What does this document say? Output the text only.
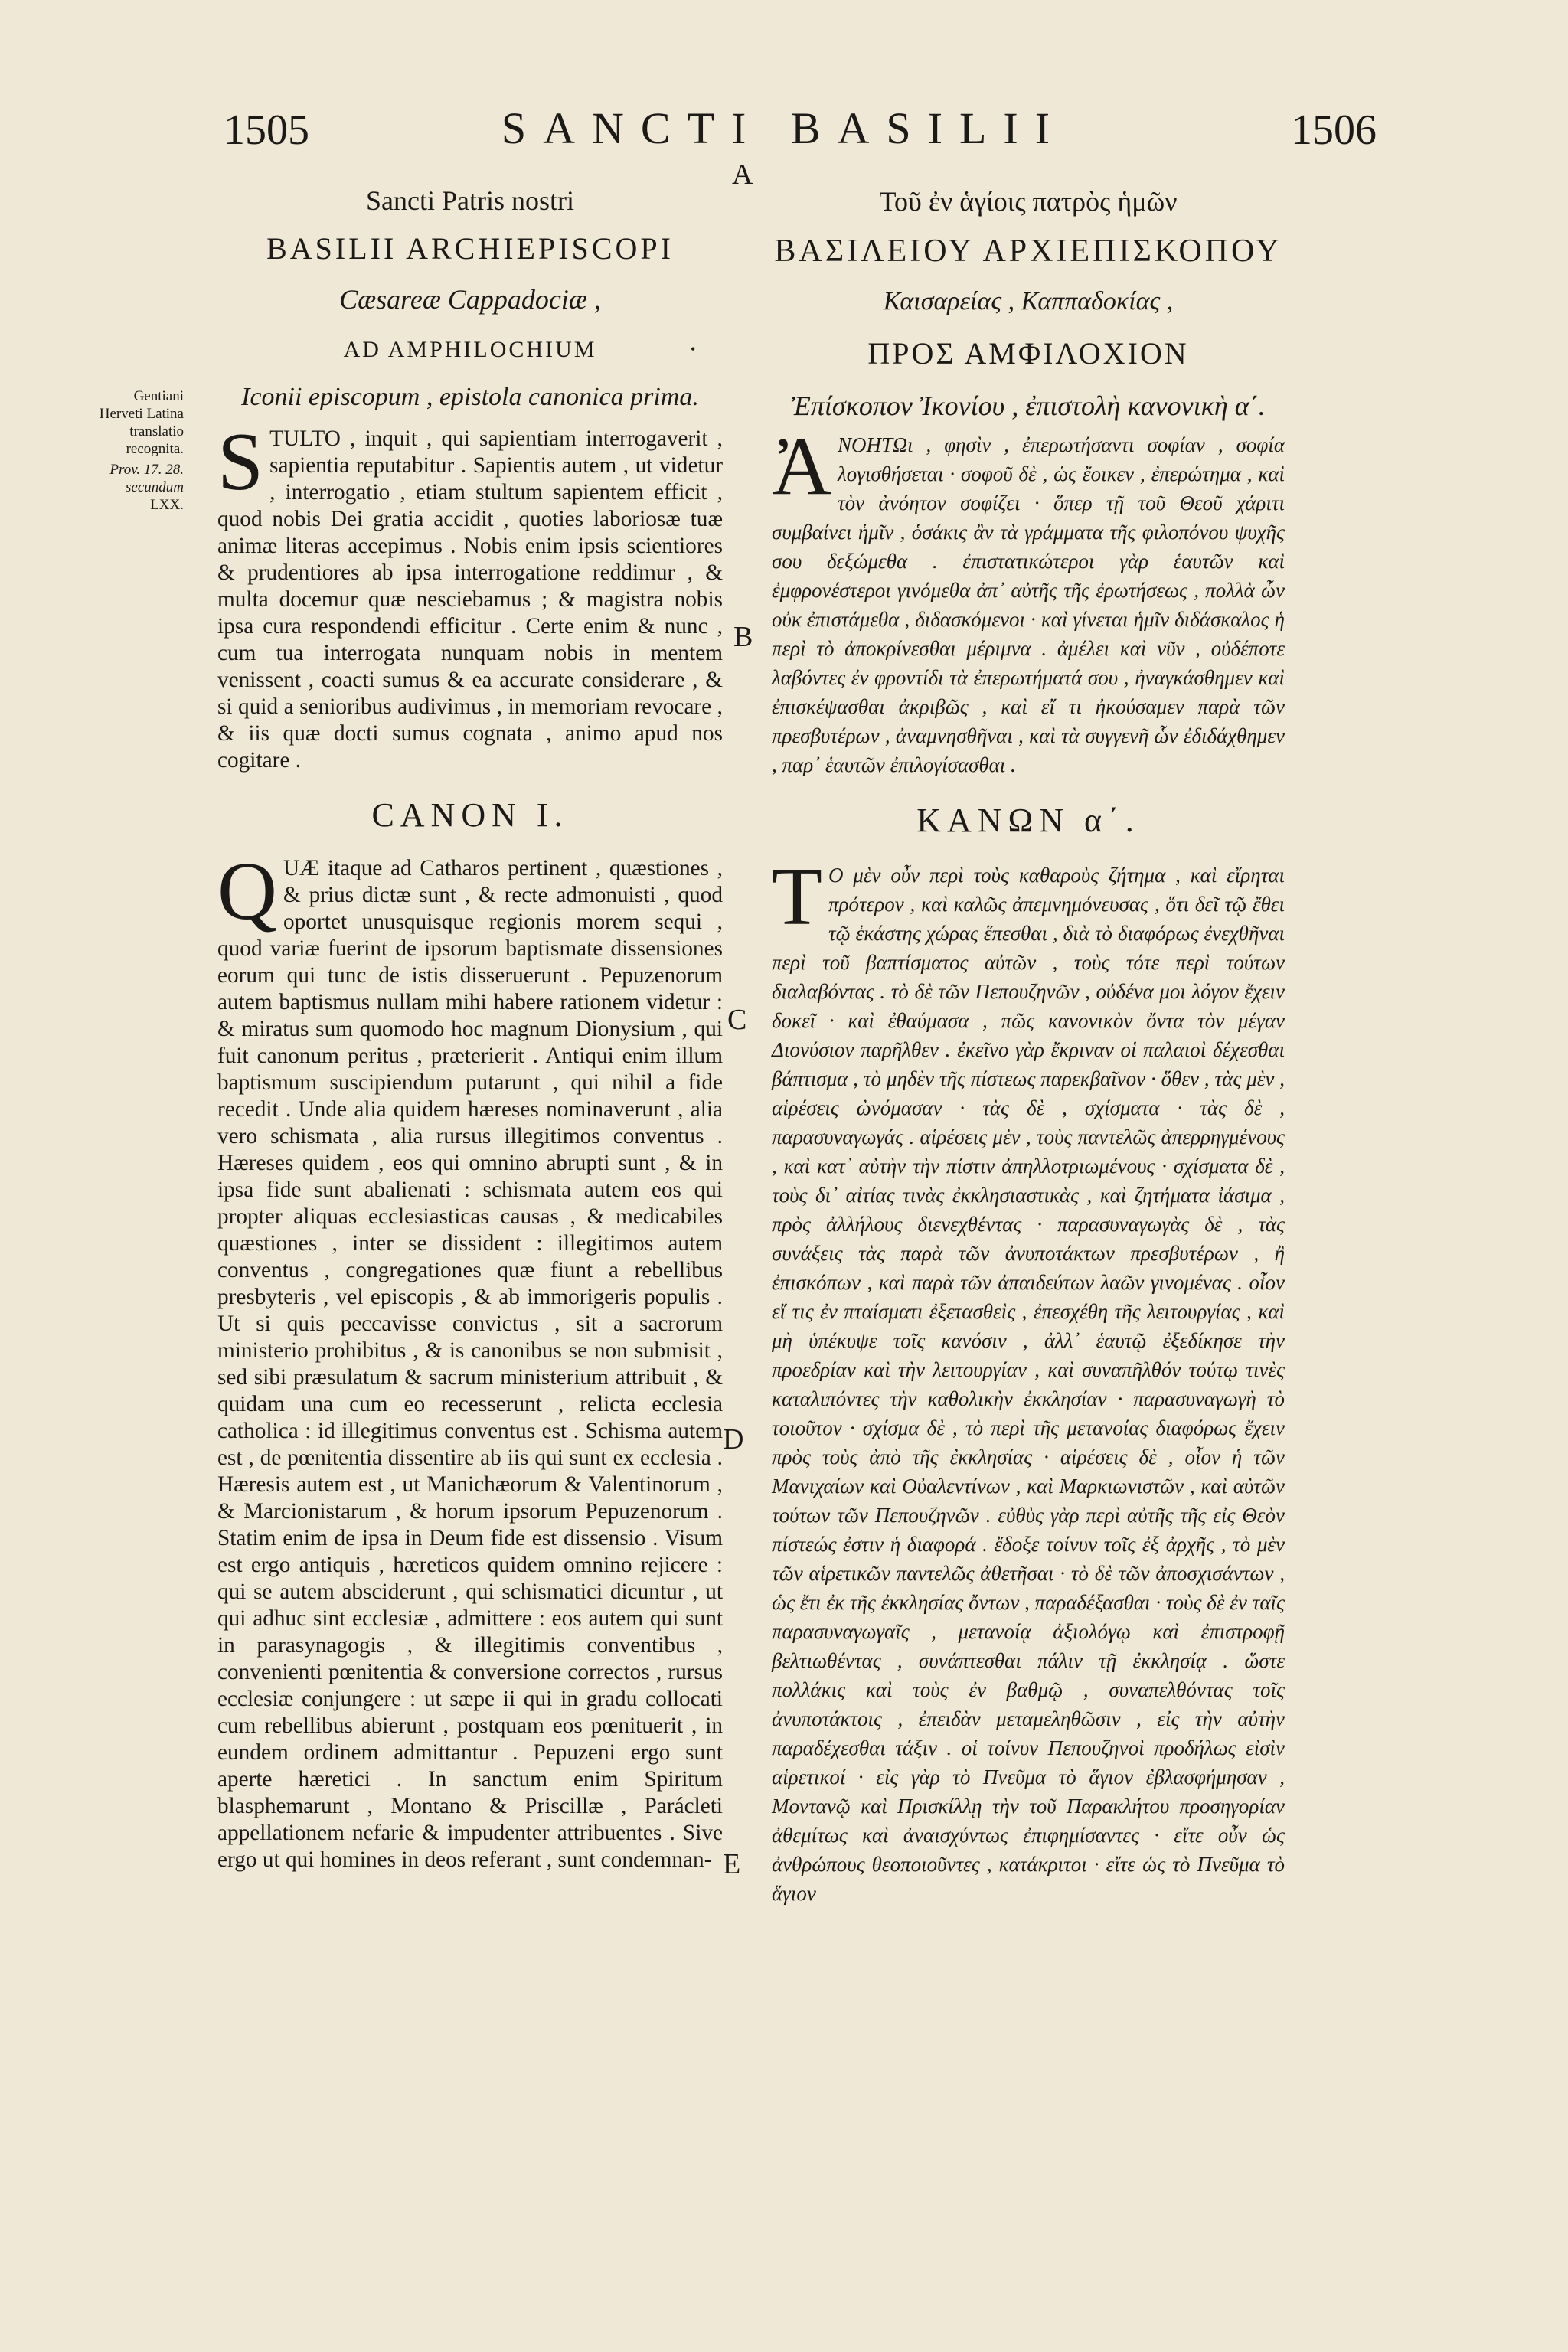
1505	SANCTI BASILII	1506
A
B
C
D
E
Gentiani Herveti Latina translatio recognita.
Prov. 17. 28. secundum
LXX.
•
Sancti Patris nostri
BASILII ARCHIEPISCOPI
Cæsareæ Cappadociæ ,
AD AMPHILOCHIUM
Iconii episcopum , epistola canonica prima.
STULTO , inquit , qui sapientiam interrogaverit , sapientia reputabitur . Sapientis autem , ut videtur , interrogatio , etiam stultum sapientem efficit , quod nobis Dei gratia accidit , quoties laboriosæ tuæ animæ literas accepimus . Nobis enim ipsis scientiores & prudentiores ab ipsa interrogatione reddimur , & multa docemur quæ nesciebamus ; & magistra nobis ipsa cura respondendi efficitur . Certe enim & nunc , cum tua interrogata nunquam nobis in mentem venissent , coacti sumus & ea accurate considerare , & si quid a senioribus audivimus , in memoriam revocare , & iis quæ docti sumus cognata , animo apud nos cogitare .
CANON I.
QUÆ itaque ad Catharos pertinent , quæstiones , & prius dictæ sunt , & recte admonuisti , quod oportet unusquisque regionis morem sequi , quod variæ fuerint de ipsorum baptismate dissensiones eorum qui tunc de istis disseruerunt . Pepuzenorum autem baptismus nullam mihi habere rationem videtur : & miratus sum quomodo hoc magnum Dionysium , qui fuit canonum peritus , præterierit . Antiqui enim illum baptismum suscipiendum putarunt , qui nihil a fide recedit . Unde alia quidem hæreses nominaverunt , alia vero schismata , alia rursus illegitimos conventus . Hæreses quidem , eos qui omnino abrupti sunt , & in ipsa fide sunt abalienati : schismata autem eos qui propter aliquas ecclesiasticas causas , & medicabiles quæstiones , inter se dissident : illegitimos autem conventus , congregationes quæ fiunt a rebellibus presbyteris , vel episcopis , & ab immorigeris populis . Ut si quis peccavisse convictus , sit a sacrorum ministerio prohibitus , & is canonibus se non submisit , sed sibi præsulatum & sacrum ministerium attribuit , & quidam una cum eo recesserunt , relicta ecclesia catholica : id illegitimus conventus est . Schisma autem est , de pœnitentia dissentire ab iis qui sunt ex ecclesia . Hæresis autem est , ut Manichæorum & Valentinorum , & Marcionistarum , & horum ipsorum Pepuzenorum . Statim enim de ipsa in Deum fide est dissensio . Visum est ergo antiquis , hæreticos quidem omnino rejicere : qui se autem absciderunt , qui schismatici dicuntur , ut qui adhuc sint ecclesiæ , admittere : eos autem qui sunt in parasynagogis , & illegitimis conventibus , convenienti pœnitentia & conversione correctos , rursus ecclesiæ conjungere : ut sæpe ii qui in gradu collocati cum rebellibus abierunt , postquam eos pœnituerit , in eundem ordinem admittantur . Pepuzeni ergo sunt aperte hæretici . In sanctum enim Spiritum blasphemarunt , Montano & Priscillæ , Parácleti appellationem nefarie & impudenter attribuentes . Sive ergo ut qui homines in deos referant , sunt condemnan-
Τοῦ ἐν ἁγίοις πατρὸς ἡμῶν
ΒΑΣΙΛΕΙΟΥ ΑΡΧΙΕΠΙΣΚΟΠΟΥ
Καισαρείας , Καππαδοκίας ,
ΠΡΟΣ ΑΜΦΙΛΟΧΙΟΝ
Ἐπίσκοπον Ἰκονίου , ἐπιστολὴ κανονικὴ α΄.
Ἀ ΝΟΗΤΩι , φησὶν , ἐπερωτήσαντι σοφίαν , σοφία λογισθήσεται · σοφοῦ δὲ , ὡς ἔοικεν , ἐπερώτημα , καὶ τὸν ἀνόητον σοφίζει · ὅπερ τῇ τοῦ Θεοῦ χάριτι συμβαίνει ἡμῖν , ὁσάκις ἂν τὰ γράμματα τῆς φιλοπόνου ψυχῆς σου δεξώμεθα . ἐπιστατικώτεροι γὰρ ἑαυτῶν καὶ ἐμφρονέστεροι γινόμεθα ἀπ᾽ αὐτῆς τῆς ἐρωτήσεως , πολλὰ ὧν οὐκ ἐπιστάμεθα , διδασκόμενοι · καὶ γίνεται ἡμῖν διδάσκαλος ἡ περὶ τὸ ἀποκρίνεσθαι μέριμνα . ἀμέλει καὶ νῦν , οὐδέποτε λαβόντες ἐν φροντίδι τὰ ἐπερωτήματά σου , ἠναγκάσθημεν καὶ ἐπισκέψασθαι ἀκριβῶς , καὶ εἴ τι ἠκούσαμεν παρὰ τῶν πρεσβυτέρων , ἀναμνησθῆναι , καὶ τὰ συγγενῆ ὧν ἐδιδάχθημεν , παρ᾽ ἑαυτῶν ἐπιλογίσασθαι .
ΚΑΝΩΝ α΄.
Τ Ο μὲν οὖν περὶ τοὺς καθαροὺς ζήτημα , καὶ εἴρηται πρότερον , καὶ καλῶς ἀπεμνημόνευσας , ὅτι δεῖ τῷ ἔθει τῷ ἑκάστης χώρας ἕπεσθαι , διὰ τὸ διαφόρως ἐνεχθῆναι περὶ τοῦ βαπτίσματος αὐτῶν , τοὺς τότε περὶ τούτων διαλαβόντας . τὸ δὲ τῶν Πεπουζηνῶν , οὐδένα μοι λόγον ἔχειν δοκεῖ · καὶ ἐθαύμασα , πῶς κανονικὸν ὄντα τὸν μέγαν Διονύσιον παρῆλθεν . ἐκεῖνο γὰρ ἔκριναν οἱ παλαιοὶ δέχεσθαι βάπτισμα , τὸ μηδὲν τῆς πίστεως παρεκβαῖνον · ὅθεν , τὰς μὲν , αἱρέσεις ὠνόμασαν · τὰς δὲ , σχίσματα · τὰς δὲ , παρασυναγωγάς . αἱρέσεις μὲν , τοὺς παντελῶς ἀπερρηγμένους , καὶ κατ᾽ αὐτὴν τὴν πίστιν ἀπηλλοτριωμένους · σχίσματα δὲ , τοὺς δι᾽ αἰτίας τινὰς ἐκκλησιαστικὰς , καὶ ζητήματα ἰάσιμα , πρὸς ἀλλήλους διενεχθέντας · παρασυναγωγὰς δὲ , τὰς συνάξεις τὰς παρὰ τῶν ἀνυποτάκτων πρεσβυτέρων , ἢ ἐπισκόπων , καὶ παρὰ τῶν ἀπαιδεύτων λαῶν γινομένας . οἷον εἴ τις ἐν πταίσματι ἐξετασθεὶς , ἐπεσχέθη τῆς λειτουργίας , καὶ μὴ ὑπέκυψε τοῖς κανόσιν , ἀλλ᾽ ἑαυτῷ ἐξεδίκησε τὴν προεδρίαν καὶ τὴν λειτουργίαν , καὶ συναπῆλθόν τούτῳ τινὲς καταλιπόντες τὴν καθολικὴν ἐκκλησίαν · παρασυναγωγὴ τὸ τοιοῦτον · σχίσμα δὲ , τὸ περὶ τῆς μετανοίας διαφόρως ἔχειν πρὸς τοὺς ἀπὸ τῆς ἐκκλησίας · αἱρέσεις δὲ , οἷον ἡ τῶν Μανιχαίων καὶ Οὐαλεντίνων , καὶ Μαρκιωνιστῶν , καὶ αὐτῶν τούτων τῶν Πεπουζηνῶν . εὐθὺς γὰρ περὶ αὐτῆς τῆς εἰς Θεὸν πίστεώς ἐστιν ἡ διαφορά . ἔδοξε τοίνυν τοῖς ἐξ ἀρχῆς , τὸ μὲν τῶν αἱρετικῶν παντελῶς ἀθετῆσαι · τὸ δὲ τῶν ἀποσχισάντων , ὡς ἔτι ἐκ τῆς ἐκκλησίας ὄντων , παραδέξασθαι · τοὺς δὲ ἐν ταῖς παρασυναγωγαῖς , μετανοίᾳ ἀξιολόγῳ καὶ ἐπιστροφῇ βελτιωθέντας , συνάπτεσθαι πάλιν τῇ ἐκκλησίᾳ . ὥστε πολλάκις καὶ τοὺς ἐν βαθμῷ , συναπελθόντας τοῖς ἀνυποτάκτοις , ἐπειδὰν μεταμεληθῶσιν , εἰς τὴν αὐτὴν παραδέχεσθαι τάξιν . οἱ τοίνυν Πεπουζηνοὶ προδήλως εἰσὶν αἱρετικοί · εἰς γὰρ τὸ Πνεῦμα τὸ ἅγιον ἐβλασφήμησαν , Μοντανῷ καὶ Πρισκίλλῃ τὴν τοῦ Παρακλήτου προσηγορίαν ἀθεμίτως καὶ ἀναισχύντως ἐπιφημίσαντες · εἴτε οὖν ὡς ἀνθρώπους θεοποιοῦντες , κατάκριτοι · εἴτε ὡς τὸ Πνεῦμα τὸ ἅγιον
